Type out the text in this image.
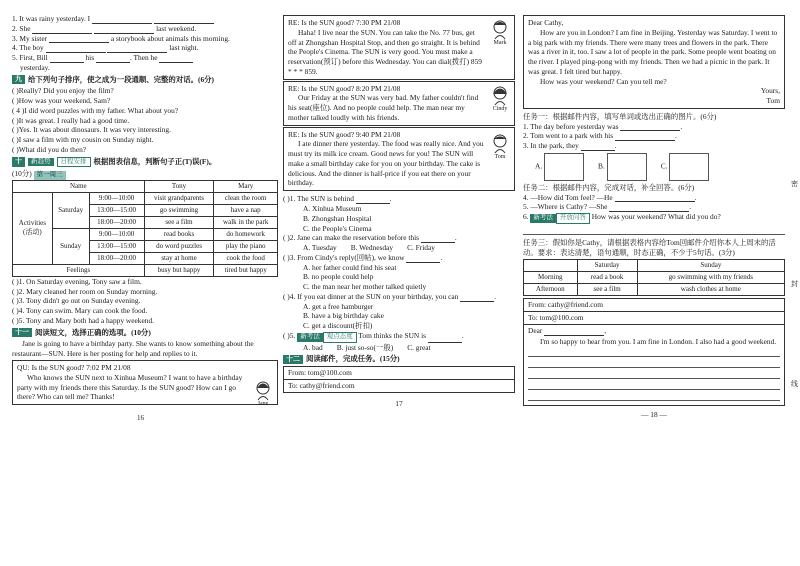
1. It was rainy yesterday. I
2. She	last weekend.
3. My sister	a storybook about animals this morning.
4. The boy	last night.
5. First, Bill	his	. Then he
yesterday.
九 给下列句子排序，使之成为一段通顺、完整的对话。(6分)
( )Really? Did you enjoy the film?
( )How was your weekend, Sam?
( 4 )I did word puzzles with my father. What about you?
( )It was great. I really had a good time.
( )Yes. It was about dinosaurs. It was very interesting.
( )I saw a film with my cousin on Sunday night.
( )What did you do then?
十	新趋势	日程安排 根据图表信息，判断句子正(T)误(F)。
(10分) 第一周三
Name			Tony	Mary
Activities
(活动)	Saturday	9:00—10:00	visit grandparents	clean the room
		13:00—15:00	go swimming	have a nap
		18:00—20:00	see a film	walk in the park
	Sunday	9:00—10:00	read books	do homework
		13:00—15:00	do word puzzles	play the piano
		18:00—20:00	stay at home	cook the food
Feelings			busy but happy	tired but happy
( )1. On Saturday evening, Tony saw a film.
( )2. Mary cleaned her room on Sunday morning.
( )3. Tony didn't go out on Sunday evening.
( )4. Tony can swim. Mary can cook the food.
( )5. Tony and Mary both had a happy weekend.
十一 阅读短文，选择正确的选项。(10分)
Jane is going to have a birthday party. She wants to know something about the restaurant—SUN. Here is her posting for help and replies to it.
QU: Is the SUN good? 7:02 PM 21/08
Who knows the SUN next to Xinhua Museum? I want to have a birthday party with my friends there this Saturday. Is the SUN good? How can I go there? Who can tell me? Thanks!
Jane
16
RE: Is the SUN good? 7:30 PM 21/08
Haha! I live near the SUN. You can take the No. 77 bus, get off at Zhongshan Hospital Stop, and then go straight. It is behind the People's Cinema. The SUN is very good. You must make a reservation(预订) before this Wednesday. You can dial(拨打) 859 * * * 859.
Mark
RE: Is the SUN good? 8:20 PM 21/08
Our Friday at the SUN was very bad. My father couldn't find his seat(座位). And no people could help. The man near my mother talked loudly with his friends.
Cindy
RE: Is the SUN good? 9:40 PM 21/08
I ate dinner there yesterday. The food was really nice. And you must try its milk ice cream. Good news for you! The SUN will make a small birthday cake for you on your birthday. The cake is delicious. And the dinner is half-price if you eat there on your birthday.
Tom
( )1. The SUN is behind	.
A. Xinhua Museum
B. Zhongshan Hospital
C. the People's Cinema
( )2. Jane can make the reservation before this	.
A. Tuesday B. Wednesday C. Friday
( )3. From Cindy's reply(回帖), we know	.
A. her father could find his seat
B. no people could help
C. the man near her mother talked quietly
( )4. If you eat dinner at the SUN on your birthday, you can	.
A. get a free hamburger
B. have a big birthday cake
C. get a discount(折扣)
( )5. 新考法 观点态度 Tom thinks the SUN is	.
A. bad B. just so-so(一般) C. great
十二 阅读邮件，完成任务。(15分)
From: tom@100.com
To: cathy@friend.com
17
Dear Cathy,
How are you in London? I am fine in Beijing. Yesterday was Saturday. I went to a big park with my friends. There were many trees and flowers in the park. There was a river in it, too. I saw a lot of people in the park. Some people went boating on the river. I played ping-pong with my friends. Then we had a picnic in the park. It was great. I felt tired but happy.
How was your weekend? Can you tell me?
Yours,
Tom
任务一：根据邮件内容，填写单词或选出正确的图片。(6分)
1. The day before yesterday was	.
2. Tom went to a park with his	.
3. In the park, they	.
A.	B.	C.
任务二：根据邮件内容，完成对话，补全回答。(6分)
4. —How did Tom feel? —He	.
5. —Where is Cathy? —She	.
6. 新考法 开放问答 How was your weekend? What did you do?
任务三：假如你是Cathy，请根据表格内容给Tom回邮件介绍你本人上周末的活动。要求：表达清楚，语句通顺，时态正确，不少于5句话。(3分)
	Saturday	Sunday
Morning	read a book	go swimming with my friends
Afternoon	see a film	wash clothes at home
From: cathy@friend.com
To: tom@100.com
Dear	,
I'm so happy to hear from you. I am fine in London. I also had a good weekend.
— 18 —
密
封
线
